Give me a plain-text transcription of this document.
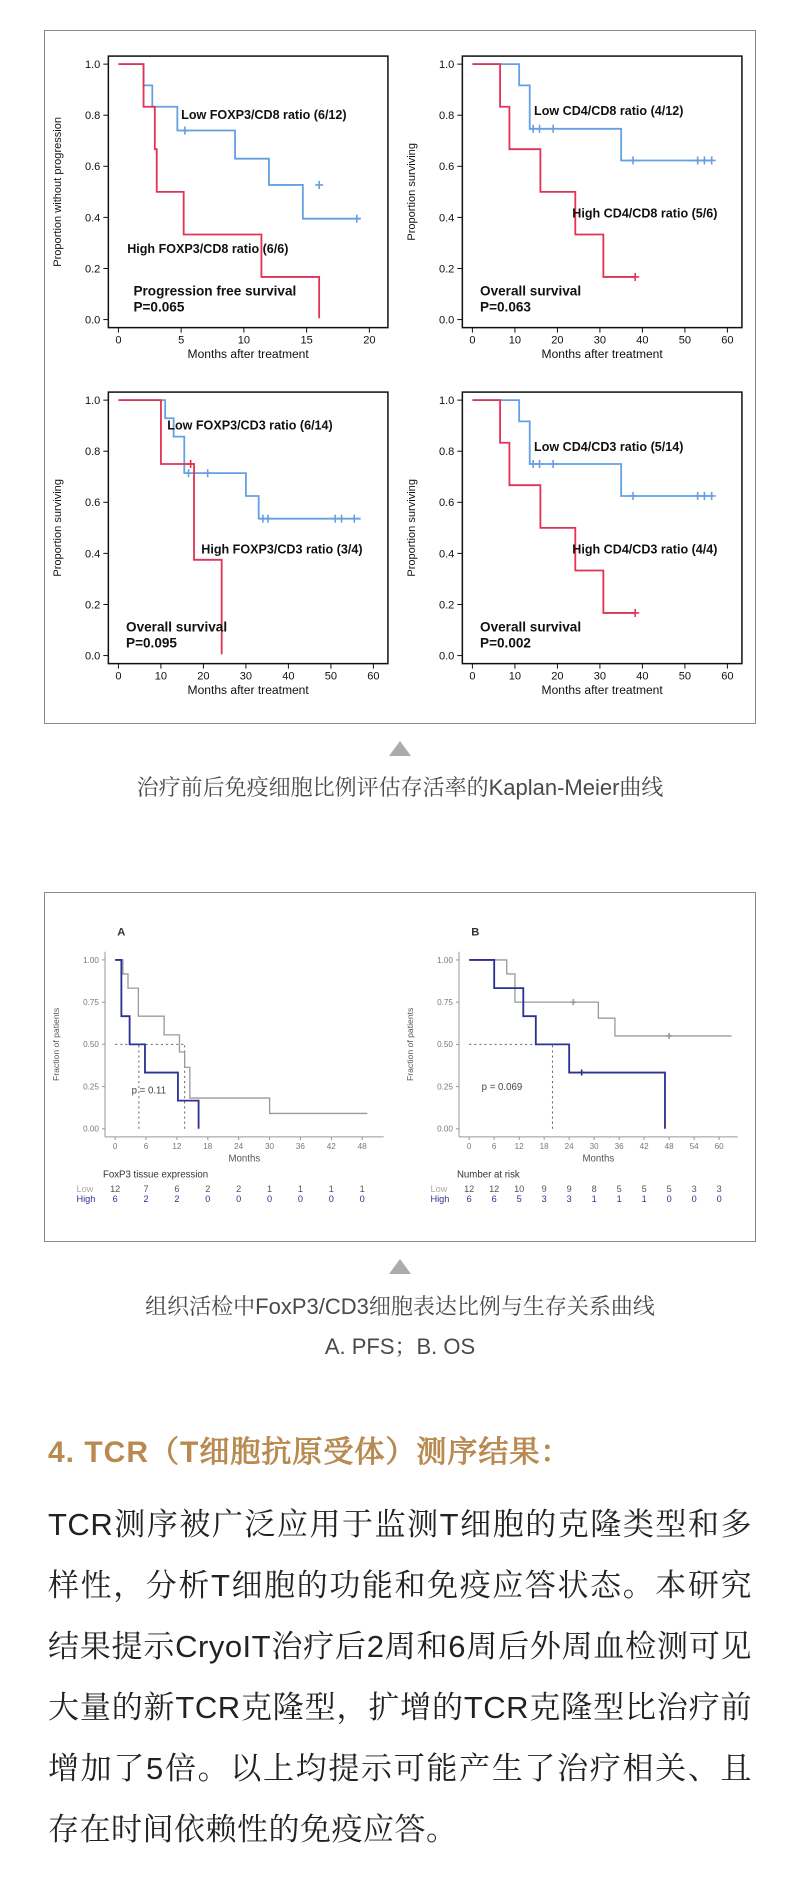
0	5	10	15	20
0.0
0.2
0.4
0.6
0.8
1.0
Months after treatment
Proportion without progression
Low FOXP3/CD8 ratio (6/12)
High FOXP3/CD8 ratio (6/6)
Progression free survival
P=0.065
0	10	20	30	40	50	60
0.0
0.2
0.4
0.6
0.8
1.0
Months after treatment
Proportion surviving
Low CD4/CD8 ratio (4/12)
High CD4/CD8 ratio (5/6)
Overall survival
P=0.063
0	10	20	30	40	50	60
0.0
0.2
0.4
0.6
0.8
1.0
Months after treatment
Proportion surviving
Low FOXP3/CD3 ratio (6/14)
High FOXP3/CD3 ratio (3/4)
Overall survival
P=0.095
0	10	20	30	40	50	60
0.0
0.2
0.4
0.6
0.8
1.0
Months after treatment
Proportion surviving
Low CD4/CD3 ratio (5/14)
High CD4/CD3 ratio (4/4)
Overall survival
P=0.002
治疗前后免疫细胞比例评估存活率的Kaplan-Meier曲线
0	6	12	18	24	30	36	42	48
0.00
0.25
0.50
0.75
1.00
Months
Fraction of patients
A
p = 0.11
FoxP3 tissue expression
Low 12	7	6	2	2	1	1	1	1
High 6	2	2	0	0	0	0	0	0
0	6 12 18 24 30 36 42 48 54 60
0.00
0.25
0.50
0.75
1.00
Months
Fraction of patients
B
p = 0.069
Number at risk
Low 12 12 10 9 9 8 5 5 5 3 3
High 6 6 5 3 3 1 1 1 0 0 0
组织活检中FoxP3/CD3细胞表达比例与生存关系曲线
A. PFS；B. OS
4. TCR（T细胞抗原受体）测序结果：

TCR测序被广泛应用于监测T细胞的克隆类型和多样性，分析T细胞的功能和免疫应答状态。本研究结果提示CryoIT治疗后2周和6周后外周血检测可见大量的新TCR克隆型，扩增的TCR克隆型比治疗前增加了5倍。以上均提示可能产生了治疗相关、且存在时间依赖性的免疫应答。
